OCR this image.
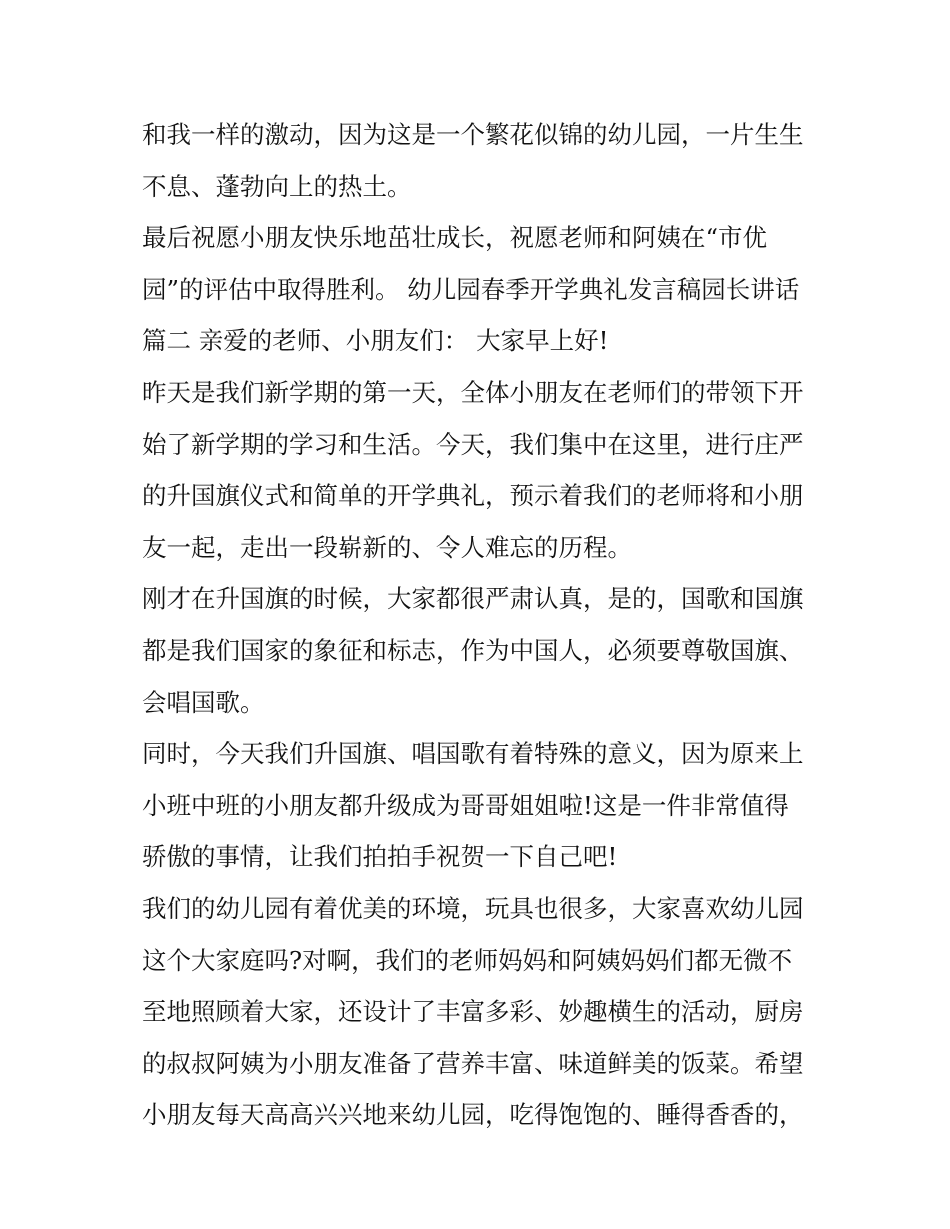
和我一样的激动，因为这是一个繁花似锦的幼儿园，一片生生

不息、蓬勃向上的热土。

最后祝愿小朋友快乐地茁壮成长，祝愿老师和阿姨在“市优

园”的评估中取得胜利。 幼儿园春季开学典礼发言稿园长讲话

篇二 亲爱的老师、小朋友们： 大家早上好!

昨天是我们新学期的第一天，全体小朋友在老师们的带领下开

始了新学期的学习和生活。今天，我们集中在这里，进行庄严

的升国旗仪式和简单的开学典礼，预示着我们的老师将和小朋

友一起，走出一段崭新的、令人难忘的历程。

刚才在升国旗的时候，大家都很严肃认真，是的，国歌和国旗

都是我们国家的象征和标志，作为中国人，必须要尊敬国旗、

会唱国歌。

同时，今天我们升国旗、唱国歌有着特殊的意义，因为原来上

小班中班的小朋友都升级成为哥哥姐姐啦!这是一件非常值得

骄傲的事情，让我们拍拍手祝贺一下自己吧!

我们的幼儿园有着优美的环境，玩具也很多，大家喜欢幼儿园

这个大家庭吗?对啊，我们的老师妈妈和阿姨妈妈们都无微不

至地照顾着大家，还设计了丰富多彩、妙趣横生的活动，厨房

的叔叔阿姨为小朋友准备了营养丰富、味道鲜美的饭菜。希望

小朋友每天高高兴兴地来幼儿园，吃得饱饱的、睡得香香的，
